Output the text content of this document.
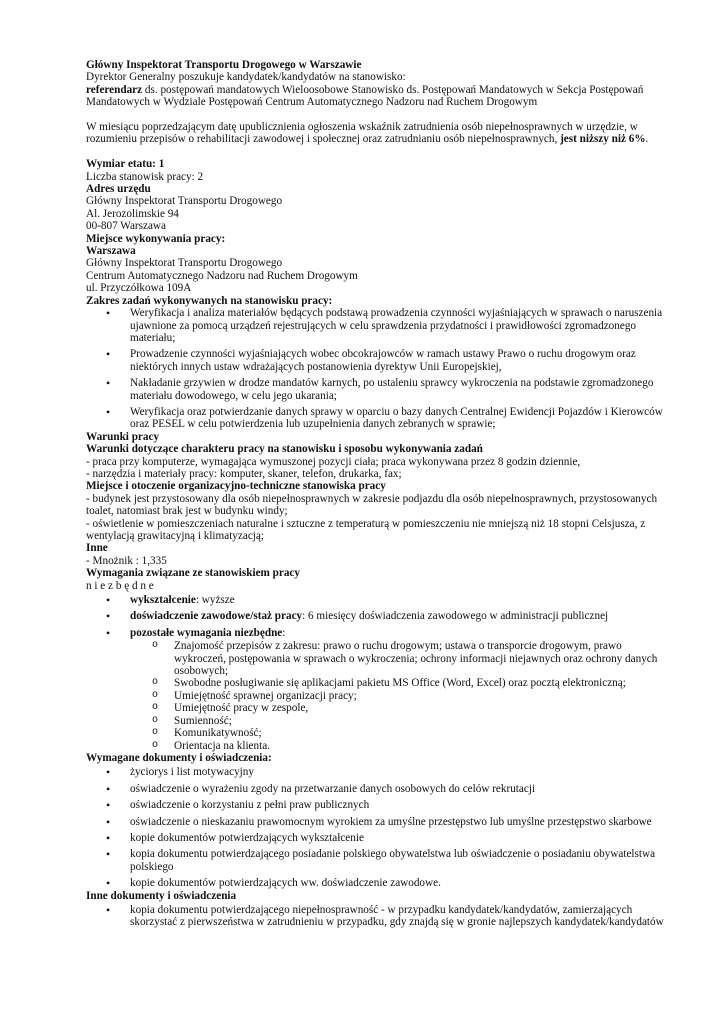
Główny Inspektorat Transportu Drogowego w Warszawie
Dyrektor Generalny poszukuje kandydatek/kandydatów na stanowisko:
referendarz ds. postępowań mandatowych Wieloosobowe Stanowisko ds. Postępowań Mandatowych w Sekcja Postępowań Mandatowych w Wydziale Postępowań Centrum Automatycznego Nadzoru nad Ruchem Drogowym
W miesiącu poprzedzającym datę upublicznienia ogłoszenia wskaźnik zatrudnienia osób niepełnosprawnych w urzędzie, w rozumieniu przepisów o rehabilitacji zawodowej i społecznej oraz zatrudnianiu osób niepełnosprawnych, jest niższy niż 6%.
Wymiar etatu: 1
Liczba stanowisk pracy: 2
Adres urzędu
Główny Inspektorat Transportu Drogowego
Al. Jerozolimskie 94
00-807 Warszawa
Miejsce wykonywania pracy:
Warszawa
Główny Inspektorat Transportu Drogowego
Centrum Automatycznego Nadzoru nad Ruchem Drogowym
ul. Przyczółkowa 109A
Zakres zadań wykonywanych na stanowisku pracy:
• Weryfikacja i analiza materiałów będących podstawą prowadzenia czynności wyjaśniających w sprawach o naruszenia ujawnione za pomocą urządzeń rejestrujących w celu sprawdzenia przydatności i prawidłowości zgromadzonego materiału;
• Prowadzenie czynności wyjaśniających wobec obcokrajowców w ramach ustawy Prawo o ruchu drogowym oraz niektórych innych ustaw wdrażających postanowienia dyrektyw Unii Europejskiej,
• Nakładanie grzywien w drodze mandatów karnych, po ustaleniu sprawcy wykroczenia na podstawie zgromadzonego materiału dowodowego, w celu jego ukarania;
• Weryfikacja oraz potwierdzanie danych sprawy w oparciu o bazy danych Centralnej Ewidencji Pojazdów i Kierowców oraz PESEL w celu potwierdzenia lub uzupełnienia danych zebranych w sprawie;
Warunki pracy
Warunki dotyczące charakteru pracy na stanowisku i sposobu wykonywania zadań
- praca przy komputerze, wymagająca wymuszonej pozycji ciała; praca wykonywana przez 8 godzin dziennie,
- narzędzia i materiały pracy: komputer, skaner, telefon, drukarka, fax;
Miejsce i otoczenie organizacyjno-techniczne stanowiska pracy
- budynek jest przystosowany dla osób niepełnosprawnych w zakresie podjazdu dla osób niepełnosprawnych, przystosowanych toalet, natomiast brak jest w budynku windy;
- oświetlenie w pomieszczeniach naturalne i sztuczne z temperaturą w pomieszczeniu nie mniejszą niż 18 stopni Celsjusza, z wentylacją grawitacyjną i klimatyzacją;
Inne
- Mnożnik : 1,335
Wymagania związane ze stanowiskiem pracy
n i e z b ę d n e
• wykształcenie: wyższe
• doświadczenie zawodowe/staż pracy: 6 miesięcy doświadczenia zawodowego w administracji publicznej
• pozostałe wymagania niezbędne:
o Znajomość przepisów z zakresu: prawo o ruchu drogowym; ustawa o transporcie drogowym, prawo wykroczeń, postępowania w sprawach o wykroczenia; ochrony informacji niejawnych oraz ochrony danych osobowych;
o Swobodne posługiwanie się aplikacjami pakietu MS Office (Word, Excel) oraz pocztą elektroniczną;
o Umiejętność sprawnej organizacji pracy;
o Umiejętność pracy w zespole,
o Sumienność;
o Komunikatywność;
o Orientacja na klienta.
Wymagane dokumenty i oświadczenia:
• życiorys i list motywacyjny
• oświadczenie o wyrażeniu zgody na przetwarzanie danych osobowych do celów rekrutacji
• oświadczenie o korzystaniu z pełni praw publicznych
• oświadczenie o nieskazaniu prawomocnym wyrokiem za umyślne przestępstwo lub umyślne przestępstwo skarbowe
• kopie dokumentów potwierdzających wykształcenie
• kopia dokumentu potwierdzającego posiadanie polskiego obywatelstwa lub oświadczenie o posiadaniu obywatelstwa polskiego
• kopie dokumentów potwierdzających ww. doświadczenie zawodowe.
Inne dokumenty i oświadczenia
• kopia dokumentu potwierdzającego niepełnosprawność - w przypadku kandydatek/kandydatów, zamierzających skorzystać z pierwszeństwa w zatrudnieniu w przypadku, gdy znajdą się w gronie najlepszych kandydatek/kandydatów
